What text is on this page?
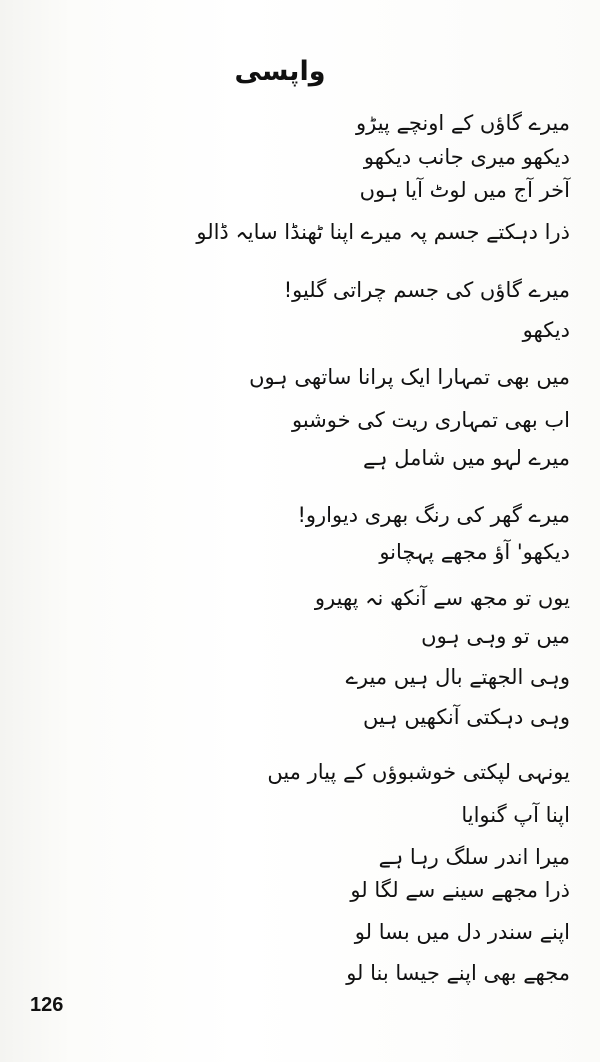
واپسی
میرے گاؤں کے اونچے پیڑو
دیکھو میری جانب دیکھو
آخر آج میں لوٹ آیا ہوں
ذرا دہکتے جسم پہ میرے اپنا ٹھنڈا سایہ ڈالو
میرے گاؤں کی جسم چراتی گلیو!
دیکھو
میں بھی تمہارا ایک پرانا ساتھی ہوں
اب بھی تمہاری ریت کی خوشبو
میرے لہو میں شامل ہے
میرے گھر کی رنگ بھری دیوارو!
دیکھو' آؤ مجھے پہچانو
یوں تو مجھ سے آنکھ نہ پھیرو
میں تو وہی ہوں
وہی الجھتے بال ہیں میرے
وہی دہکتی آنکھیں ہیں
یونہی لپکتی خوشبوؤں کے پیار میں
اپنا آپ گنوایا
میرا اندر سلگ رہا ہے
ذرا مجھے سینے سے لگا لو
اپنے سندر دل میں بسا لو
مجھے بھی اپنے جیسا بنا لو
126
